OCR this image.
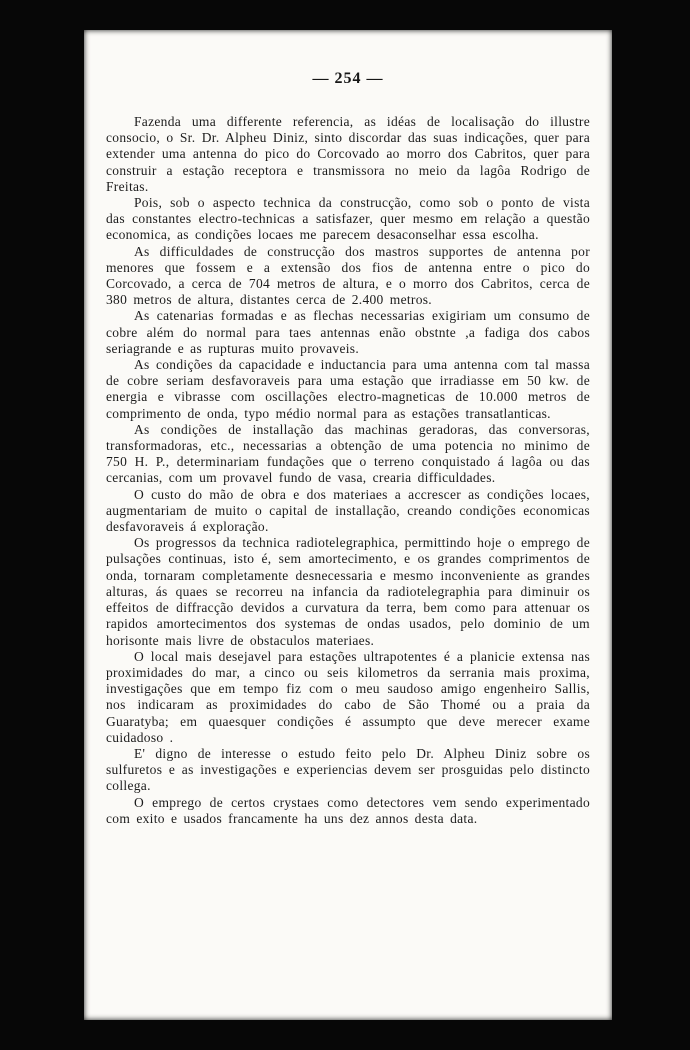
— 254 —

Fazenda uma differente referencia, as idéas de localisação do illustre consocio, o Sr. Dr. Alpheu Diniz, sinto discordar das suas indicações, quer para extender uma antenna do pico do Corcovado ao morro dos Cabritos, quer para construir a estação receptora e transmissora no meio da lagôa Rodrigo de Freitas.

Pois, sob o aspecto technica da construcção, como sob o ponto de vista das constantes electro-technicas a satisfazer, quer mesmo em relação a questão economica, as condições locaes me parecem desaconselhar essa escolha.

As difficuldades de construcção dos mastros supportes de antenna por menores que fossem e a extensão dos fios de antenna entre o pico do Corcovado, a cerca de 704 metros de altura, e o morro dos Cabritos, cerca de 380 metros de altura, distantes cerca de 2.400 metros.

As catenarias formadas e as flechas necessarias exigiriam um consumo de cobre além do normal para taes antennas enão obstnte ,a fadiga dos cabos seriagrande e as rupturas muito provaveis.

As condições da capacidade e inductancia para uma antenna com tal massa de cobre seriam desfavoraveis para uma estação que irradiasse em 50 kw. de energia e vibrasse com oscillações electro-magneticas de 10.000 metros de comprimento de onda, typo médio normal para as estações transatlanticas.

As condições de installação das machinas geradoras, das conversoras, transformadoras, etc., necessarias a obtenção de uma potencia no minimo de 750 H. P., determinariam fundações que o terreno conquistado á lagôa ou das cercanias, com um provavel fundo de vasa, crearia difficuldades.

O custo do mão de obra e dos materiaes a accrescer as condições locaes, augmentariam de muito o capital de installação, creando condições economicas desfavoraveis á exploração.

Os progressos da technica radiotelegraphica, permittindo hoje o emprego de pulsações continuas, isto é, sem amortecimento, e os grandes comprimentos de onda, tornaram completamente desnecessaria e mesmo inconveniente as grandes alturas, ás quaes se recorreu na infancia da radiotelegraphia para diminuir os effeitos de diffracção devidos a curvatura da terra, bem como para attenuar os rapidos amortecimentos dos systemas de ondas usados, pelo dominio de um horisonte mais livre de obstaculos materiaes.

O local mais desejavel para estações ultrapotentes é a planicie extensa nas proximidades do mar, a cinco ou seis kilometros da serrania mais proxima, investigações que em tempo fiz com o meu saudoso amigo engenheiro Sallis, nos indicaram as proximidades do cabo de São Thomé ou a praia da Guaratyba; em quaesquer condições é assumpto que deve merecer exame cuidadoso .

E' digno de interesse o estudo feito pelo Dr. Alpheu Diniz sobre os sulfuretos e as investigações e experiencias devem ser prosguidas pelo distincto collega.

O emprego de certos crystaes como detectores vem sendo experimentado com exito e usados francamente ha uns dez annos desta data.
